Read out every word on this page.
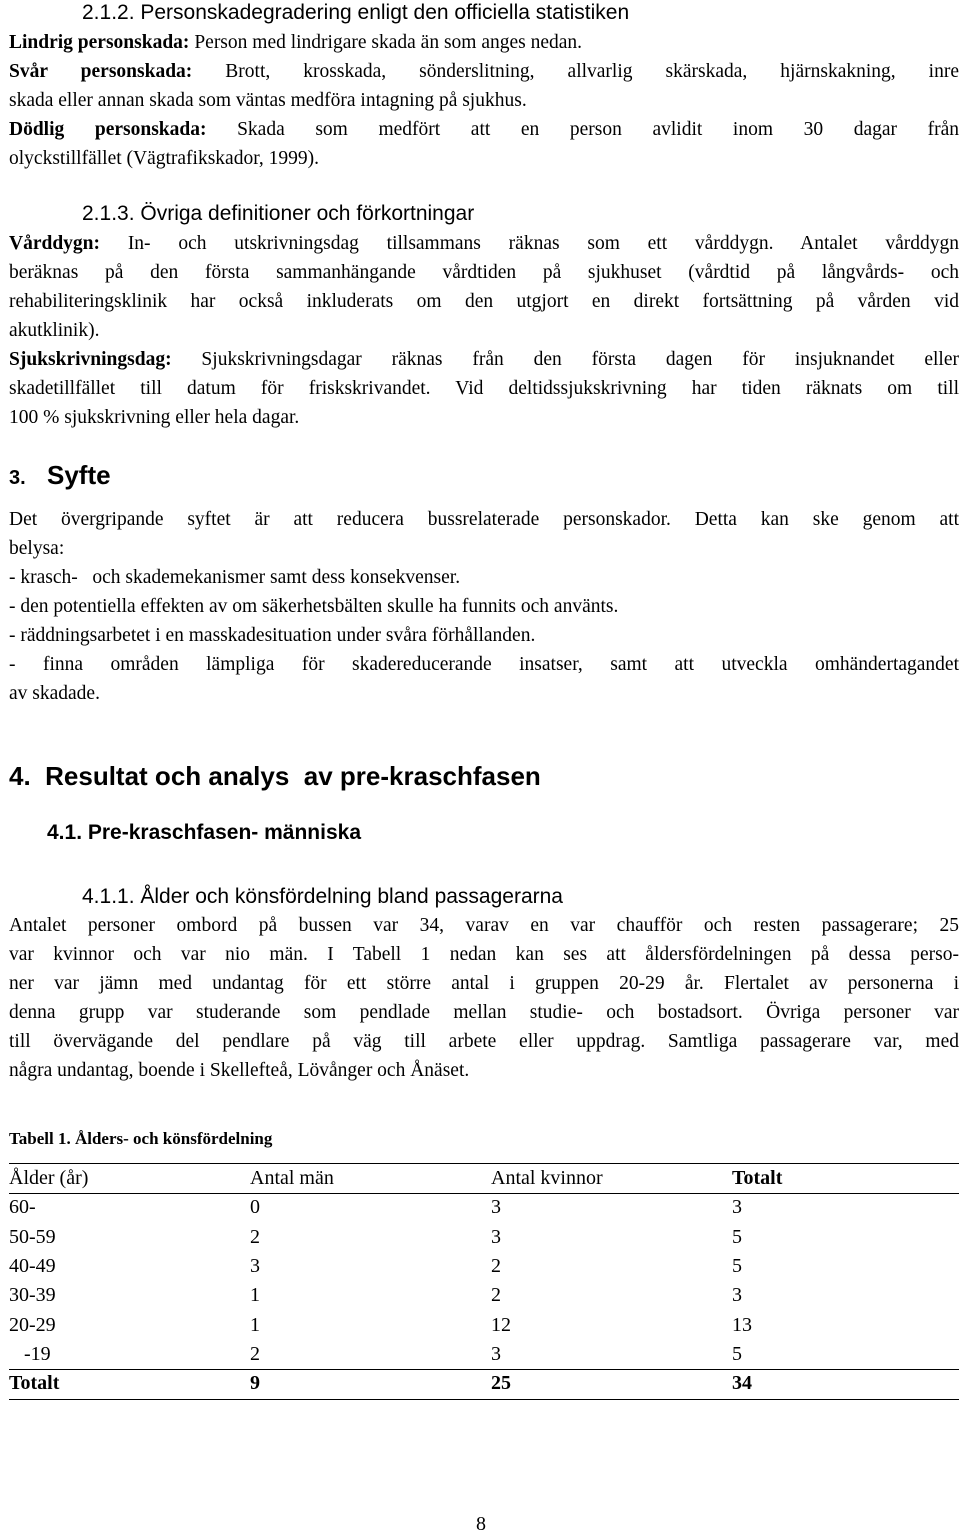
2.1.2. Personskadegradering enligt den officiella statistiken
Lindrig personskada: Person med lindrigare skada än som anges nedan.
Svår personskada: Brott, krosskada, sönderslitning, allvarlig skärskada, hjärnskakning, inre
skada eller annan skada som väntas medföra intagning på sjukhus.
Dödlig personskada: Skada som medfört att en person avlidit inom 30 dagar från
olyckstillfället (Vägtrafikskador, 1999).
2.1.3. Övriga definitioner och förkortningar
Vårddygn: In- och utskrivningsdag tillsammans räknas som ett vårddygn. Antalet vårddygn
beräknas på den första sammanhängande vårdtiden på sjukhuset (vårdtid på långvårds- och
rehabiliteringsklinik har också inkluderats om den utgjort en direkt fortsättning på vården vid
akutklinik).
Sjukskrivningsdag: Sjukskrivningsdagar räknas från den första dagen för insjuknandet eller
skadetillfället till datum för friskskrivandet. Vid deltidssjukskrivning har tiden räknats om till
100 % sjukskrivning eller hela dagar.
3. Syfte
Det övergripande syftet är att reducera bussrelaterade personskador. Detta kan ske genom att
belysa:
- krasch-   och skademekanismer samt dess konsekvenser.
- den potentiella effekten av om säkerhetsbälten skulle ha funnits och använts.
- räddningsarbetet i en masskadesituation under svåra förhållanden.
- finna områden lämpliga för skadereducerande insatser, samt att utveckla omhändertagandet
av skadade.
4.  Resultat och analys  av pre-kraschfasen
4.1. Pre-kraschfasen- människa
4.1.1. Ålder och könsfördelning bland passagerarna
Antalet personer ombord på bussen var 34, varav en var chaufför och resten passagerare; 25
var kvinnor och var nio män. I Tabell 1 nedan kan ses att åldersfördelningen på dessa perso-
ner var jämn med undantag för ett större antal i gruppen 20-29 år. Flertalet av personerna i
denna grupp var studerande som pendlade mellan studie- och bostadsort. Övriga personer var
till övervägande del pendlare på väg till arbete eller uppdrag. Samtliga passagerare var, med
några undantag, boende i Skellefteå, Lövånger och Ånäset.
Tabell 1. Ålders- och könsfördelning
Ålder (år)	Antal män	Antal kvinnor	Totalt
60-	0	3	3
50-59	2	3	5
40-49	3	2	5
30-39	1	2	3
20-29	1	12	13
-19	2	3	5
Totalt	9	25	34
8
